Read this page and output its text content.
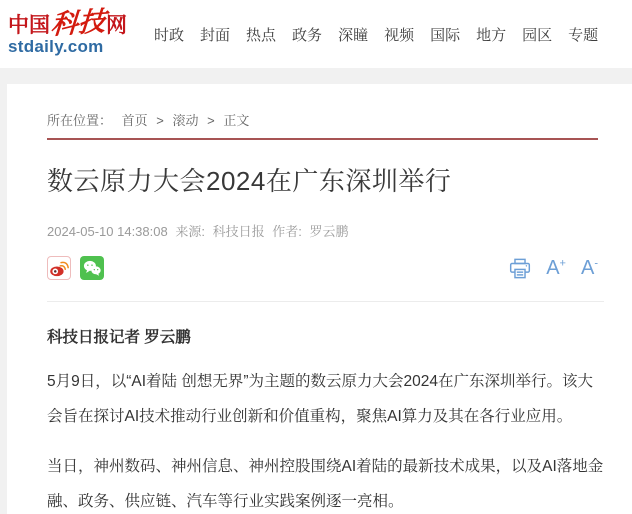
中国 科技 网
stdaily.com
时政 封面 热点 政务 深瞳 视频 国际 地方 园区 专题
所在位置： 首页 > 滚动 > 正文
数云原力大会2024在广东深圳举行
2024-05-10 14:38:08 来源: 科技日报 作者: 罗云鹏
A+ A-
科技日报记者 罗云鹏

5月9日，以“AI着陆 创想无界”为主题的数云原力大会2024在广东深圳举行。该大会旨在探讨AI技术推动行业创新和价值重构，聚焦AI算力及其在各行业应用。

当日，神州数码、神州信息、神州控股围绕AI着陆的最新技术成果，以及AI落地金融、政务、供应链、汽车等行业实践案例逐一亮相。
